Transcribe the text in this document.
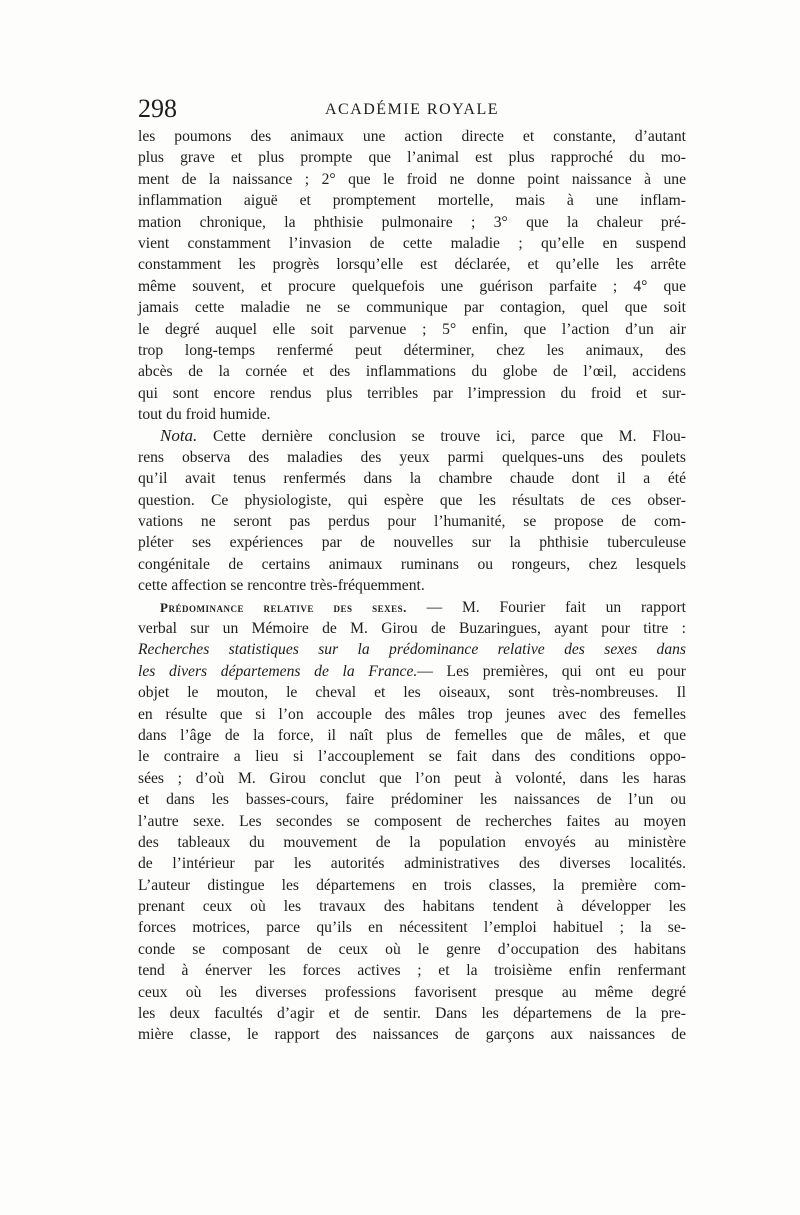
298	ACADÉMIE ROYALE
les poumons des animaux une action directe et constante, d’autant
plus grave et plus prompte que l’animal est plus rapproché du mo-
ment de la naissance ; 2° que le froid ne donne point naissance à une
inflammation aiguë et promptement mortelle, mais à une inflam-
mation chronique, la phthisie pulmonaire ; 3° que la chaleur pré-
vient constamment l’invasion de cette maladie ; qu’elle en suspend
constamment les progrès lorsqu’elle est déclarée, et qu’elle les arrête
même souvent, et procure quelquefois une guérison parfaite ; 4° que
jamais cette maladie ne se communique par contagion, quel que soit
le degré auquel elle soit parvenue ; 5° enfin, que l’action d’un air
trop long-temps renfermé peut déterminer, chez les animaux, des
abcès de la cornée et des inflammations du globe de l’œil, accidens
qui sont encore rendus plus terribles par l’impression du froid et sur-
tout du froid humide.
Nota. Cette dernière conclusion se trouve ici, parce que M. Flou-
rens observa des maladies des yeux parmi quelques-uns des poulets
qu’il avait tenus renfermés dans la chambre chaude dont il a été
question. Ce physiologiste, qui espère que les résultats de ces obser-
vations ne seront pas perdus pour l’humanité, se propose de com-
pléter ses expériences par de nouvelles sur la phthisie tuberculeuse
congénitale de certains animaux ruminans ou rongeurs, chez lesquels
cette affection se rencontre très-fréquemment.
Prédominance relative des sexes. — M. Fourier fait un rapport
verbal sur un Mémoire de M. Girou de Buzaringues, ayant pour titre :
Recherches statistiques sur la prédominance relative des sexes dans
les divers départemens de la France.— Les premières, qui ont eu pour
objet le mouton, le cheval et les oiseaux, sont très-nombreuses. Il
en résulte que si l’on accouple des mâles trop jeunes avec des femelles
dans l’âge de la force, il naît plus de femelles que de mâles, et que
le contraire a lieu si l’accouplement se fait dans des conditions oppo-
sées ; d’où M. Girou conclut que l’on peut à volonté, dans les haras
et dans les basses-cours, faire prédominer les naissances de l’un ou
l’autre sexe. Les secondes se composent de recherches faites au moyen
des tableaux du mouvement de la population envoyés au ministère
de l’intérieur par les autorités administratives des diverses localités.
L’auteur distingue les départemens en trois classes, la première com-
prenant ceux où les travaux des habitans tendent à développer les
forces motrices, parce qu’ils en nécessitent l’emploi habituel ; la se-
conde se composant de ceux où le genre d’occupation des habitans
tend à énerver les forces actives ; et la troisième enfin renfermant
ceux où les diverses professions favorisent presque au même degré
les deux facultés d’agir et de sentir. Dans les départemens de la pre-
mière classe, le rapport des naissances de garçons aux naissances de
